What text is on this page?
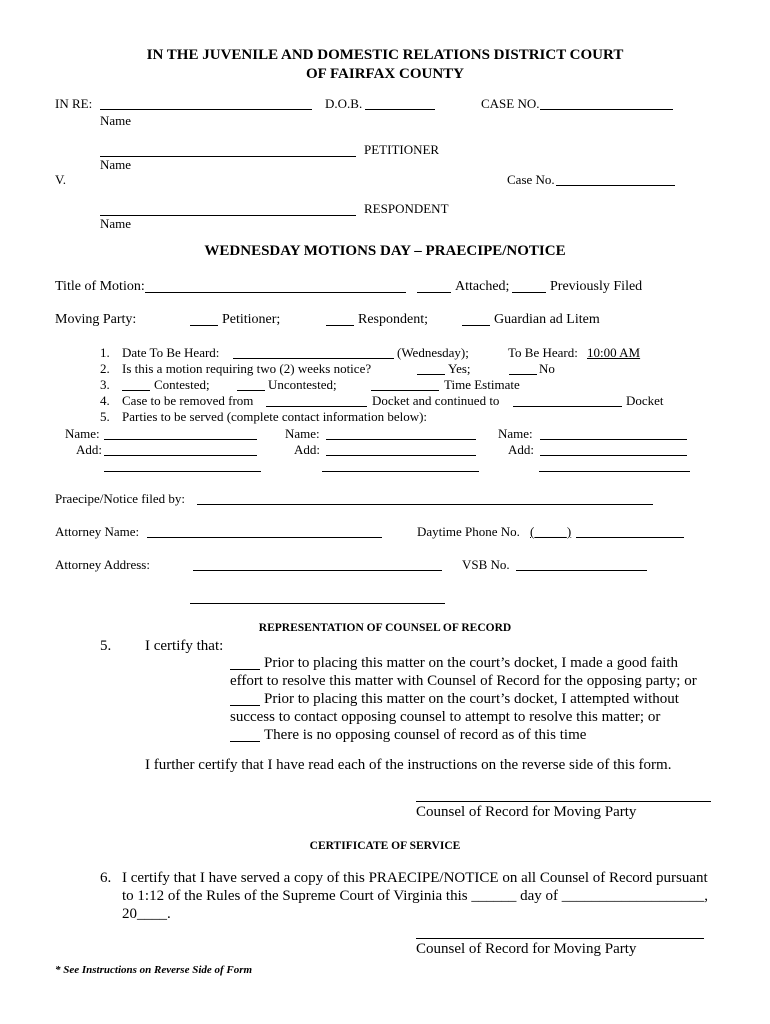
IN THE JUVENILE AND DOMESTIC RELATIONS DISTRICT COURT
OF FAIRFAX COUNTY
IN RE:
Name
D.O.B.	CASE NO.
PETITIONER
Name
V.	Case No.
RESPONDENT
Name
WEDNESDAY MOTIONS DAY – PRAECIPE/NOTICE
Title of Motion:	Attached;	Previously Filed
Moving Party:	Petitioner;	Respondent;	Guardian ad Litem
1. Date To Be Heard:	(Wednesday);	To Be Heard: 10:00 AM
2. Is this a motion requiring two (2) weeks notice?	Yes;	No
3.	Contested;	Uncontested;	Time Estimate
4. Case to be removed from	Docket and continued to	Docket
5. Parties to be served (complete contact information below):
Name:
Add:
Name:
Add:
Name:
Add:
Praecipe/Notice filed by:
Attorney Name:	Daytime Phone No. (_____)
Attorney Address:	VSB No.
REPRESENTATION OF COUNSEL OF RECORD
5. I certify that:
Prior to placing this matter on the court’s docket, I made a good faith
effort to resolve this matter with Counsel of Record for the opposing party; or
Prior to placing this matter on the court’s docket, I attempted without
success to contact opposing counsel to attempt to resolve this matter; or
There is no opposing counsel of record as of this time
I further certify that I have read each of the instructions on the reverse side of this form.
Counsel of Record for Moving Party
CERTIFICATE OF SERVICE
6. I certify that I have served a copy of this PRAECIPE/NOTICE on all Counsel of Record pursuant
to 1:12 of the Rules of the Supreme Court of Virginia this ______ day of ___________________,
20____.
Counsel of Record for Moving Party
* See Instructions on Reverse Side of Form
